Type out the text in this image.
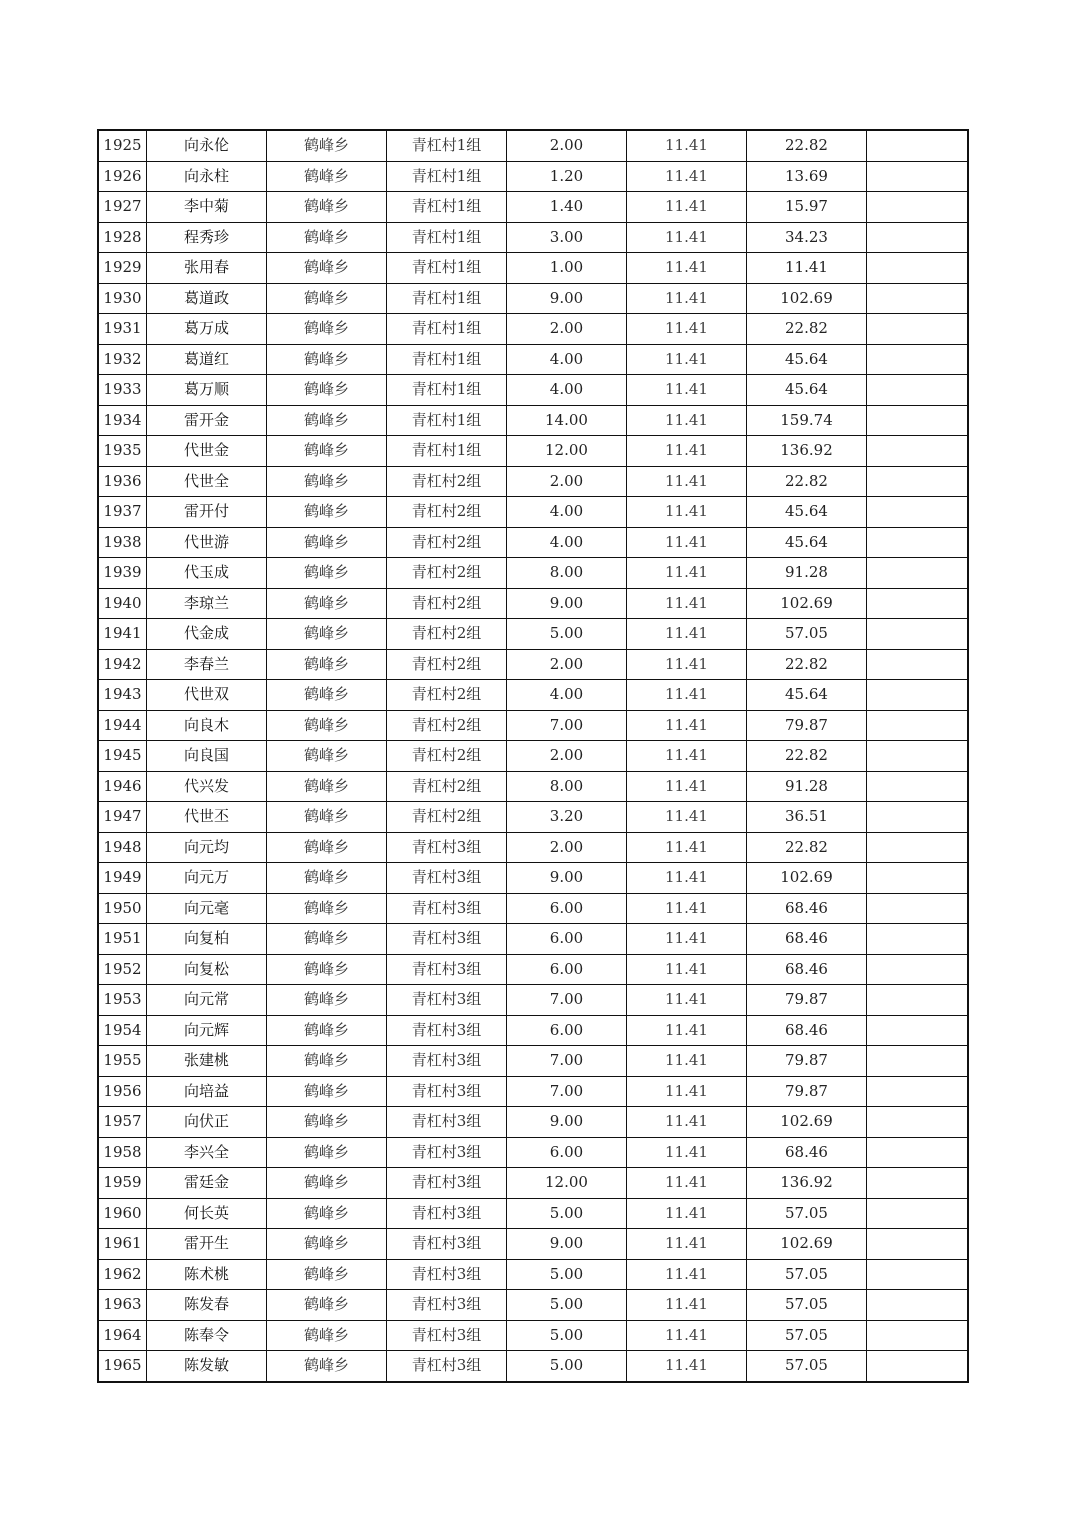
1925	向永伦	鹤峰乡	青杠村1组	2.00	11.41	22.82	
1926	向永柱	鹤峰乡	青杠村1组	1.20	11.41	13.69	
1927	李中菊	鹤峰乡	青杠村1组	1.40	11.41	15.97	
1928	程秀珍	鹤峰乡	青杠村1组	3.00	11.41	34.23	
1929	张用春	鹤峰乡	青杠村1组	1.00	11.41	11.41	
1930	葛道政	鹤峰乡	青杠村1组	9.00	11.41	102.69	
1931	葛万成	鹤峰乡	青杠村1组	2.00	11.41	22.82	
1932	葛道红	鹤峰乡	青杠村1组	4.00	11.41	45.64	
1933	葛万顺	鹤峰乡	青杠村1组	4.00	11.41	45.64	
1934	雷开金	鹤峰乡	青杠村1组	14.00	11.41	159.74	
1935	代世金	鹤峰乡	青杠村1组	12.00	11.41	136.92	
1936	代世全	鹤峰乡	青杠村2组	2.00	11.41	22.82	
1937	雷开付	鹤峰乡	青杠村2组	4.00	11.41	45.64	
1938	代世游	鹤峰乡	青杠村2组	4.00	11.41	45.64	
1939	代玉成	鹤峰乡	青杠村2组	8.00	11.41	91.28	
1940	李琼兰	鹤峰乡	青杠村2组	9.00	11.41	102.69	
1941	代金成	鹤峰乡	青杠村2组	5.00	11.41	57.05	
1942	李春兰	鹤峰乡	青杠村2组	2.00	11.41	22.82	
1943	代世双	鹤峰乡	青杠村2组	4.00	11.41	45.64	
1944	向良木	鹤峰乡	青杠村2组	7.00	11.41	79.87	
1945	向良国	鹤峰乡	青杠村2组	2.00	11.41	22.82	
1946	代兴发	鹤峰乡	青杠村2组	8.00	11.41	91.28	
1947	代世丕	鹤峰乡	青杠村2组	3.20	11.41	36.51	
1948	向元均	鹤峰乡	青杠村3组	2.00	11.41	22.82	
1949	向元万	鹤峰乡	青杠村3组	9.00	11.41	102.69	
1950	向元毫	鹤峰乡	青杠村3组	6.00	11.41	68.46	
1951	向复柏	鹤峰乡	青杠村3组	6.00	11.41	68.46	
1952	向复松	鹤峰乡	青杠村3组	6.00	11.41	68.46	
1953	向元常	鹤峰乡	青杠村3组	7.00	11.41	79.87	
1954	向元辉	鹤峰乡	青杠村3组	6.00	11.41	68.46	
1955	张建桃	鹤峰乡	青杠村3组	7.00	11.41	79.87	
1956	向培益	鹤峰乡	青杠村3组	7.00	11.41	79.87	
1957	向伏正	鹤峰乡	青杠村3组	9.00	11.41	102.69	
1958	李兴全	鹤峰乡	青杠村3组	6.00	11.41	68.46	
1959	雷廷金	鹤峰乡	青杠村3组	12.00	11.41	136.92	
1960	何长英	鹤峰乡	青杠村3组	5.00	11.41	57.05	
1961	雷开生	鹤峰乡	青杠村3组	9.00	11.41	102.69	
1962	陈术桃	鹤峰乡	青杠村3组	5.00	11.41	57.05	
1963	陈发春	鹤峰乡	青杠村3组	5.00	11.41	57.05	
1964	陈奉令	鹤峰乡	青杠村3组	5.00	11.41	57.05	
1965	陈发敏	鹤峰乡	青杠村3组	5.00	11.41	57.05	
